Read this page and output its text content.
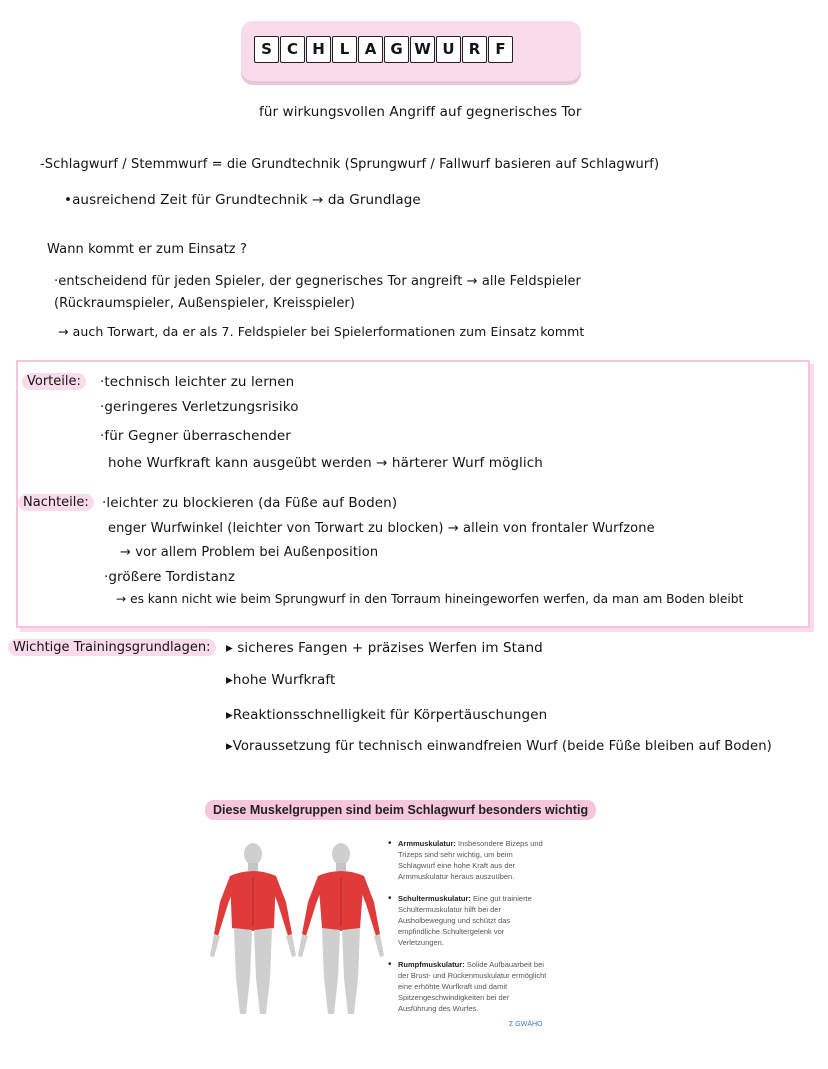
S	C H L	A G W U R	F
für wirkungsvollen Angriff auf gegnerisches Tor
-Schlagwurf / Stemmwurf = die Grundtechnik (Sprungwurf / Fallwurf basieren auf Schlagwurf)
•ausreichend Zeit für Grundtechnik → da Grundlage
Wann kommt er zum Einsatz ?
·entscheidend für jeden Spieler, der gegnerisches Tor angreift → alle Feldspieler
(Rückraumspieler, Außenspieler, Kreisspieler)
→ auch Torwart, da er als 7. Feldspieler bei Spielerformationen zum Einsatz kommt
Vorteile:	·technisch leichter zu lernen
·geringeres Verletzungsrisiko
·für Gegner überraschender
hohe Wurfkraft kann ausgeübt werden → härterer Wurf möglich
Nachteile: ·leichter zu blockieren (da Füße auf Boden)
enger Wurfwinkel (leichter von Torwart zu blocken) → allein von frontaler Wurfzone
→ vor allem Problem bei Außenposition
·größere Tordistanz
→ es kann nicht wie beim Sprungwurf in den Torraum hineingeworfen werfen, da man am Boden bleibt
Wichtige Trainingsgrundlagen:	▸ sicheres Fangen + präzises Werfen im Stand
▸hohe Wurfkraft
▸Reaktionsschnelligkeit für Körpertäuschungen
▸Voraussetzung für technisch einwandfreien Wurf (beide Füße bleiben auf Boden)
Diese Muskelgruppen sind beim Schlagwurf besonders wichtig
• Armmuskulatur: Insbesondere Bizeps und Trizeps sind sehr wichtig, um beim Schlagwurf eine hohe Kraft aus der Armmuskulatur heraus auszuüben.
• Schultermuskulatur: Eine gut trainierte Schultermuskulatur hilft bei der Ausholbewegung und schützt das empfindliche Schultergelenk vor Verletzungen.
• Rumpfmuskulatur: Solide Aufbauarbeit bei der Brust- und Rückenmuskulatur ermöglicht eine erhöhte Wurfkraft und damit Spitzengeschwindigkeiten bei der Ausführung des Wurfes.
Σ GWÄHO
